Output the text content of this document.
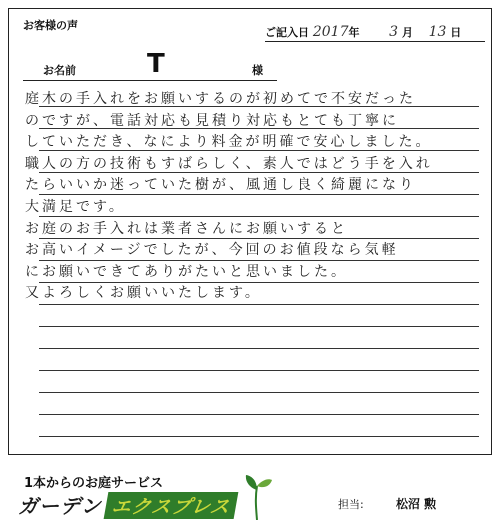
お客様の声
ご記入日 2017年 3 月 13 日
お名前	T	様
庭木の手入れをお願いするのが初めてで不安だった
のですが、電話対応も見積り対応もとても丁寧に
していただき、なにより料金が明確で安心しました。
職人の方の技術もすばらしく、素人ではどう手を入れ
たらいいか迷っていた樹が、風通し良く綺麗になり
大満足です。
お庭のお手入れは業者さんにお願いすると
お高いイメージでしたが、今回のお値段なら気軽
にお願いできてありがたいと思いました。
又よろしくお願いいたします。
1本からのお庭サービス
ガーデン エクスプレス	担当:	松沼 勲
